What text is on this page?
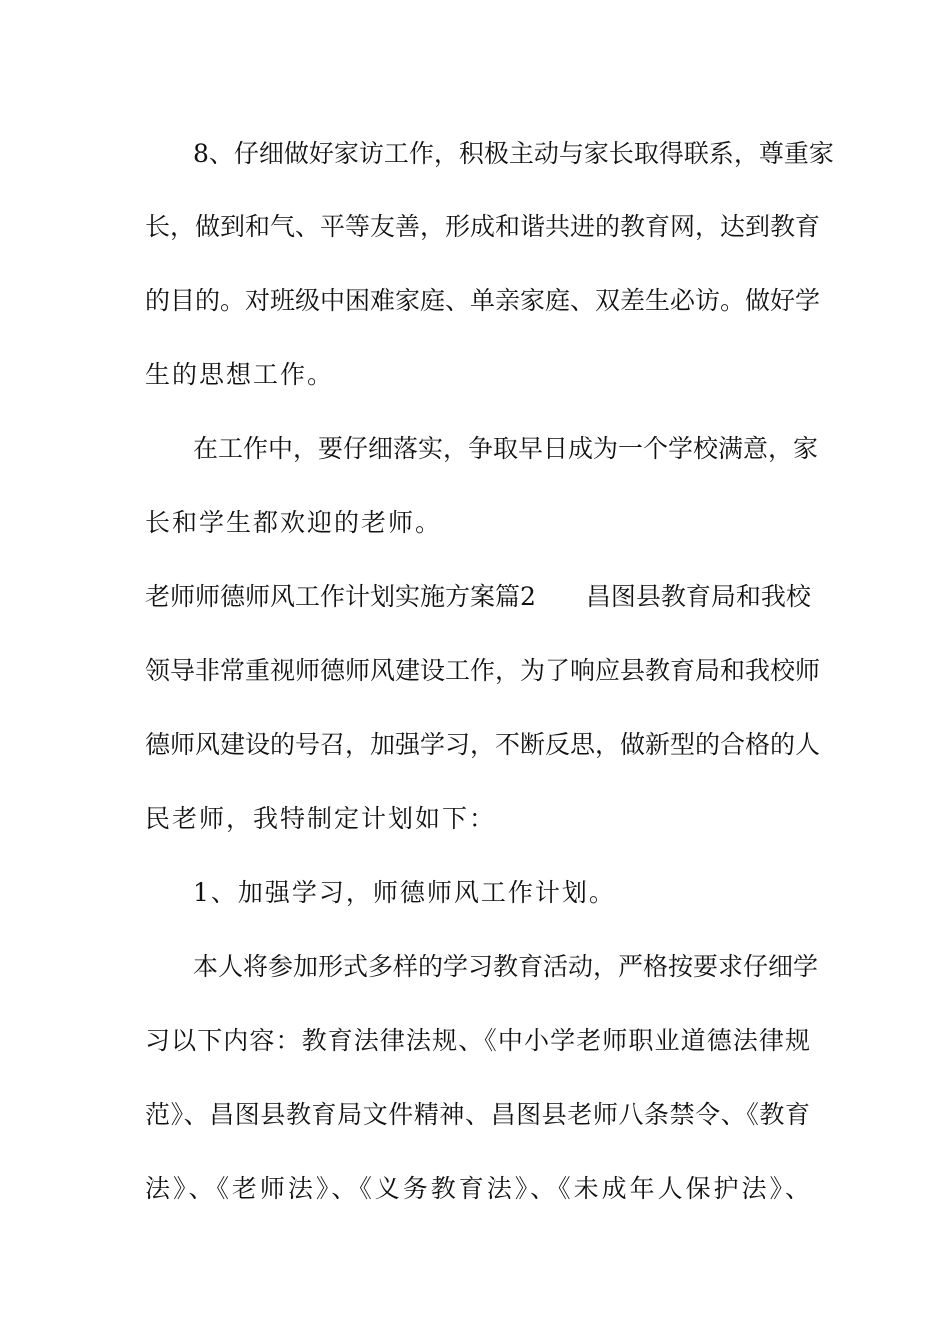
8、仔细做好家访工作，积极主动与家长取得联系，尊重家
长，做到和气、平等友善，形成和谐共进的教育网，达到教育
的目的。对班级中困难家庭、单亲家庭、双差生必访。做好学
生的思想工作。
在工作中，要仔细落实，争取早日成为一个学校满意，家
长和学生都欢迎的老师。
老师师德师风工作计划实施方案篇2　　昌图县教育局和我校
领导非常重视师德师风建设工作，为了响应县教育局和我校师
德师风建设的号召，加强学习，不断反思，做新型的合格的人
民老师，我特制定计划如下：
1、加强学习，师德师风工作计划。
本人将参加形式多样的学习教育活动，严格按要求仔细学
习以下内容：教育法律法规、《中小学老师职业道德法律规
范》、昌图县教育局文件精神、昌图县老师八条禁令、《教育
法》、《老师法》、《义务教育法》、《未成年人保护法》、
